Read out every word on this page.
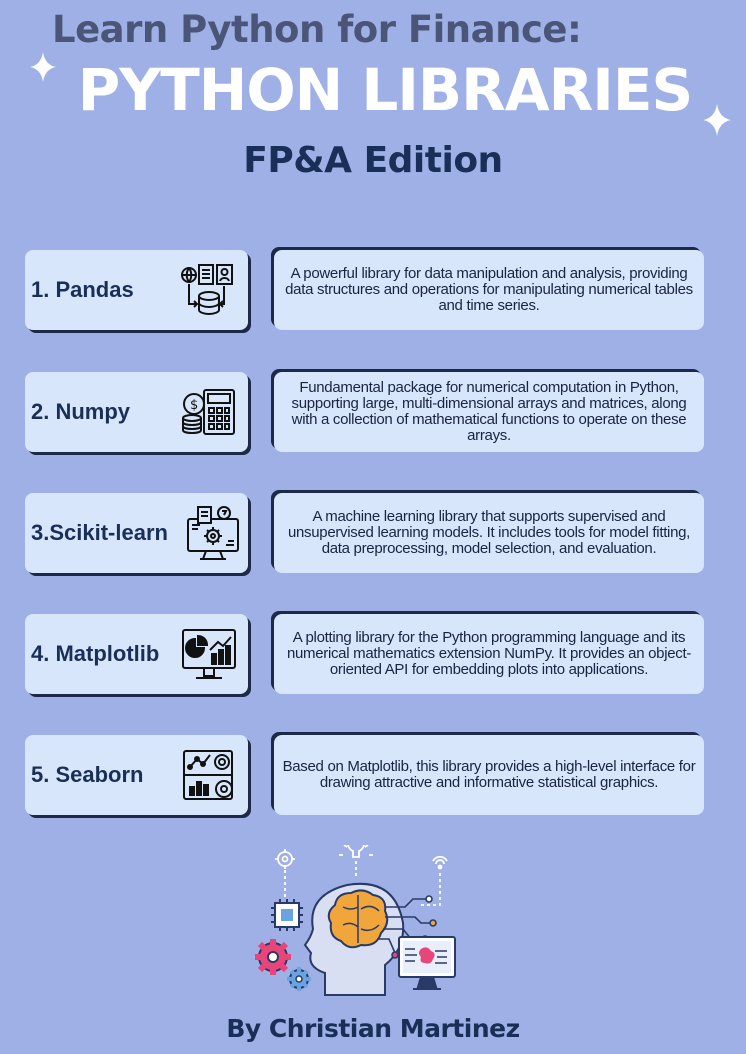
Learn Python for Finance:
PYTHON LIBRARIES
FP&A Edition
1. Pandas
A powerful library for data manipulation and analysis, providing data structures and operations for manipulating numerical tables and time series.
2. Numpy	$
Fundamental package for numerical computation in Python, supporting large, multi-dimensional arrays and matrices, along with a collection of mathematical functions to operate on these arrays.
3.Scikit-learn
A machine learning library that supports supervised and unsupervised learning models. It includes tools for model fitting, data preprocessing, model selection, and evaluation.
4. Matplotlib
A plotting library for the Python programming language and its numerical mathematics extension NumPy. It provides an object-oriented API for embedding plots into applications.
5. Seaborn	Based on Matplotlib, this library provides a high-level interface for drawing attractive and informative statistical graphics.
By Christian Martinez
